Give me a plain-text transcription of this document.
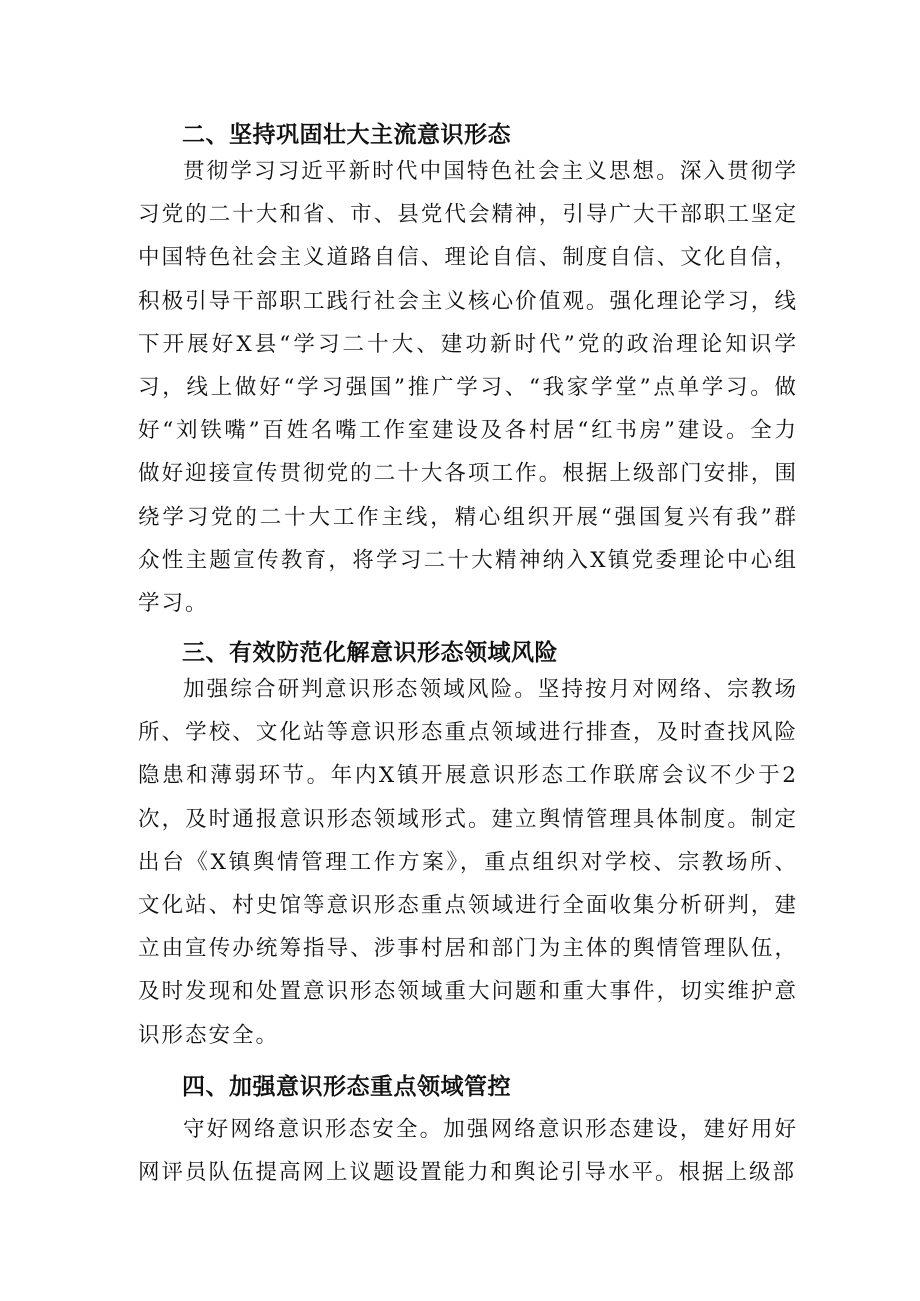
二、坚持巩固壮大主流意识形态

贯彻学习习近平新时代中国特色社会主义思想。深入贯彻学习党的二十大和省、市、县党代会精神，引导广大干部职工坚定中国特色社会主义道路自信、理论自信、制度自信、文化自信，积极引导干部职工践行社会主义核心价值观。强化理论学习，线下开展好X县“学习二十大、建功新时代”党的政治理论知识学习，线上做好“学习强国”推广学习、“我家学堂”点单学习。做好“刘铁嘴”百姓名嘴工作室建设及各村居“红书房”建设。全力做好迎接宣传贯彻党的二十大各项工作。根据上级部门安排，围绕学习党的二十大工作主线，精心组织开展“强国复兴有我”群众性主题宣传教育，将学习二十大精神纳入X镇党委理论中心组学习。

三、有效防范化解意识形态领域风险

加强综合研判意识形态领域风险。坚持按月对网络、宗教场所、学校、文化站等意识形态重点领域进行排查，及时查找风险隐患和薄弱环节。年内X镇开展意识形态工作联席会议不少于2次，及时通报意识形态领域形式。建立舆情管理具体制度。制定出台《X镇舆情管理工作方案》，重点组织对学校、宗教场所、文化站、村史馆等意识形态重点领域进行全面收集分析研判，建立由宣传办统筹指导、涉事村居和部门为主体的舆情管理队伍，及时发现和处置意识形态领域重大问题和重大事件，切实维护意识形态安全。

四、加强意识形态重点领域管控

守好网络意识形态安全。加强网络意识形态建设，建好用好网评员队伍提高网上议题设置能力和舆论引导水平。根据上级部
